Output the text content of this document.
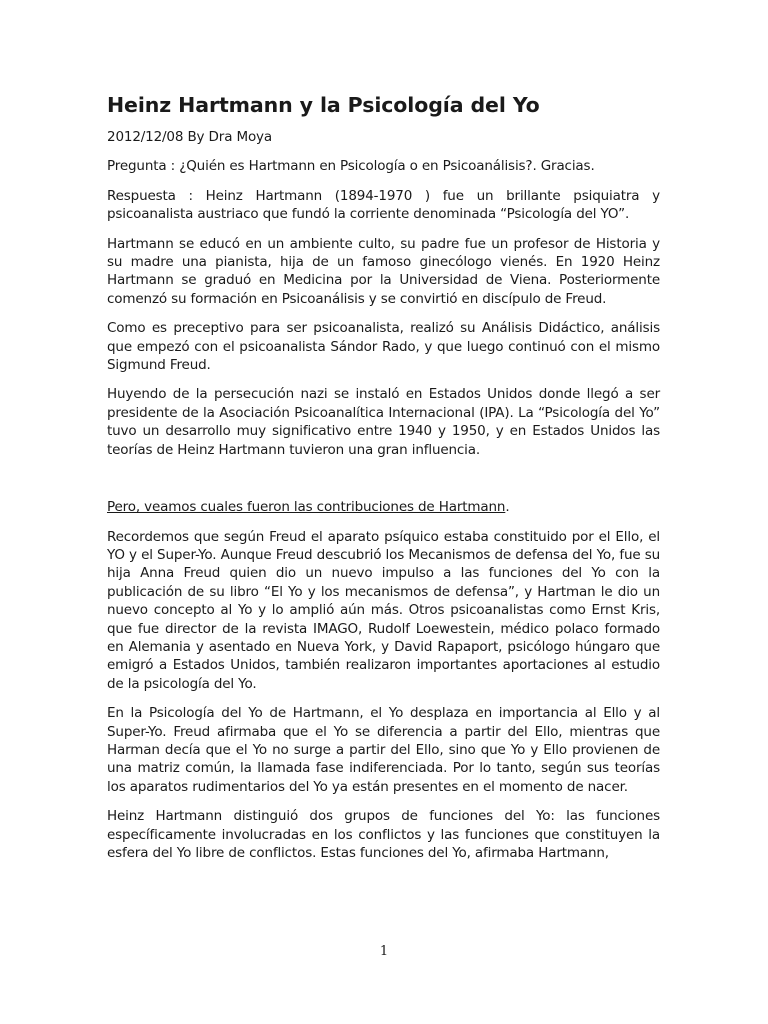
Heinz Hartmann y la Psicología del Yo

2012/12/08 By Dra Moya

Pregunta : ¿Quién es Hartmann en Psicología o en Psicoanálisis?. Gracias.

Respuesta : Heinz Hartmann (1894-1970 ) fue un brillante psiquiatra y psicoanalista austriaco que fundó la corriente denominada “Psicología del YO”.

Hartmann se educó en un ambiente culto, su padre fue un profesor de Historia y su madre una pianista, hija de un famoso ginecólogo vienés. En 1920 Heinz Hartmann se graduó en Medicina por la Universidad de Viena. Posteriormente comenzó su formación en Psicoanálisis y se convirtió en discípulo de Freud.

Como es preceptivo para ser psicoanalista, realizó su Análisis Didáctico, análisis que empezó con el psicoanalista Sándor Rado, y que luego continuó con el mismo Sigmund Freud.

Huyendo de la persecución nazi se instaló en Estados Unidos donde llegó a ser presidente de la Asociación Psicoanalítica Internacional (IPA). La “Psicología del Yo” tuvo un desarrollo muy significativo entre 1940 y 1950, y en Estados Unidos las teorías de Heinz Hartmann tuvieron una gran influencia.

Pero, veamos cuales fueron las contribuciones de Hartmann.

Recordemos que según Freud el aparato psíquico estaba constituido por el Ello, el YO y el Super-Yo. Aunque Freud descubrió los Mecanismos de defensa del Yo, fue su hija Anna Freud quien dio un nuevo impulso a las funciones del Yo con la publicación de su libro “El Yo y los mecanismos de defensa”, y Hartman le dio un nuevo concepto al Yo y lo amplió aún más. Otros psicoanalistas como Ernst Kris, que fue director de la revista IMAGO, Rudolf Loewestein, médico polaco formado en Alemania y asentado en Nueva York, y David Rapaport, psicólogo húngaro que emigró a Estados Unidos, también realizaron importantes aportaciones al estudio de la psicología del Yo.

En la Psicología del Yo de Hartmann, el Yo desplaza en importancia al Ello y al Super-Yo. Freud afirmaba que el Yo se diferencia a partir del Ello, mientras que Harman decía que el Yo no surge a partir del Ello, sino que Yo y Ello provienen de una matriz común, la llamada fase indiferenciada. Por lo tanto, según sus teorías los aparatos rudimentarios del Yo ya están presentes en el momento de nacer.

Heinz Hartmann distinguió dos grupos de funciones del Yo: las funciones específicamente involucradas en los conflictos y las funciones que constituyen la esfera del Yo libre de conflictos. Estas funciones del Yo, afirmaba Hartmann,

1
